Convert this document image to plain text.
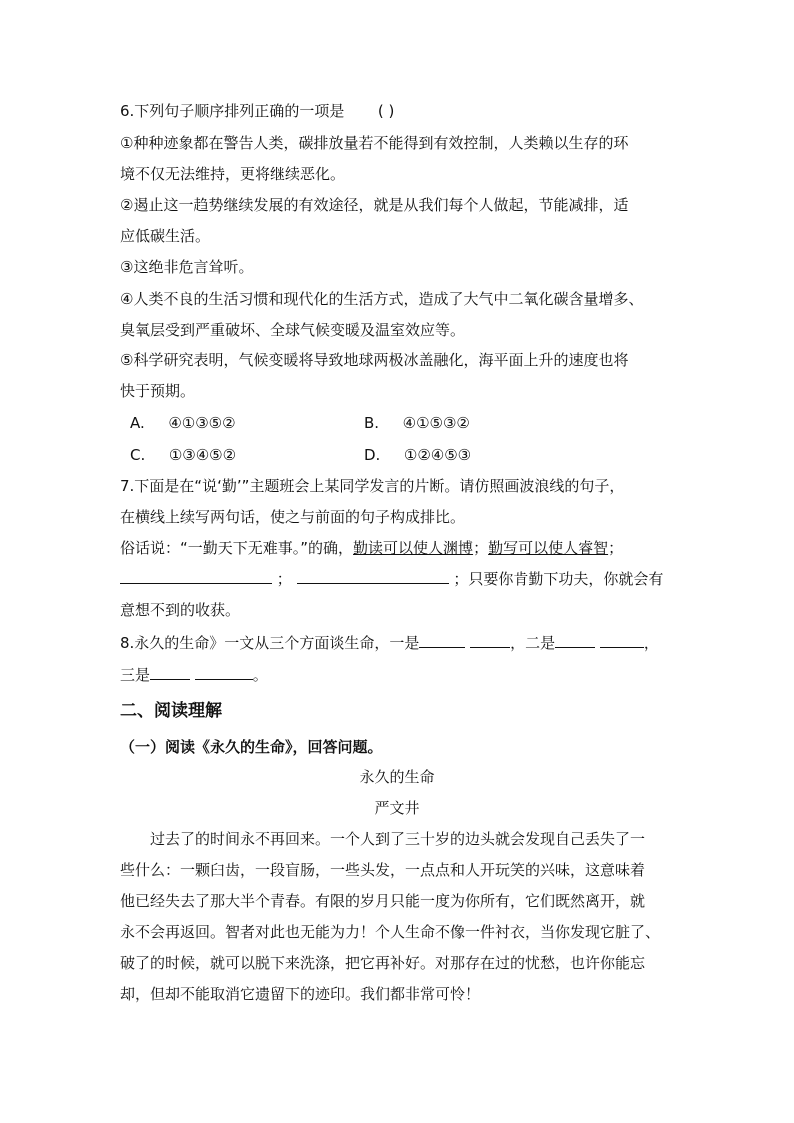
6.下列句子顺序排列正确的一项是 ( )
①种种迹象都在警告人类，碳排放量若不能得到有效控制，人类赖以生存的环
境不仅无法维持，更将继续恶化。
②遏止这一趋势继续发展的有效途径，就是从我们每个人做起，节能减排，适
应低碳生活。
③这绝非危言耸听。
④人类不良的生活习惯和现代化的生活方式，造成了大气中二氧化碳含量增多、
臭氧层受到严重破坏、全球气候变暖及温室效应等。
⑤科学研究表明，气候变暖将导致地球两极冰盖融化，海平面上升的速度也将
快于预期。
A. ④①③⑤②	B. ④①⑤③②
C. ①③④⑤②	D. ①②④⑤③
7.下面是在“说‘勤’”主题班会上某同学发言的片断。请仿照画波浪线的句子，
在横线上续写两句话，使之与前面的句子构成排比。
俗话说：“一勤天下无难事。”的确，勤读可以使人渊博；勤写可以使人睿智；
；	；只要你肯勤下功夫，你就会有
意想不到的收获。
8.永久的生命》一文从三个方面谈生命，一是	，二是	，
三是	。
二、阅读理解
（一）阅读《永久的生命》，回答问题。
永久的生命
严文井
　　过去了的时间永不再回来。一个人到了三十岁的边头就会发现自己丢失了一
些什么：一颗臼齿，一段盲肠，一些头发，一点点和人开玩笑的兴味，这意味着
他已经失去了那大半个青春。有限的岁月只能一度为你所有，它们既然离开，就
永不会再返回。智者对此也无能为力！个人生命不像一件衬衣，当你发现它脏了、
破了的时候，就可以脱下来洗涤，把它再补好。对那存在过的忧愁，也许你能忘
却，但却不能取消它遗留下的迹印。我们都非常可怜！
